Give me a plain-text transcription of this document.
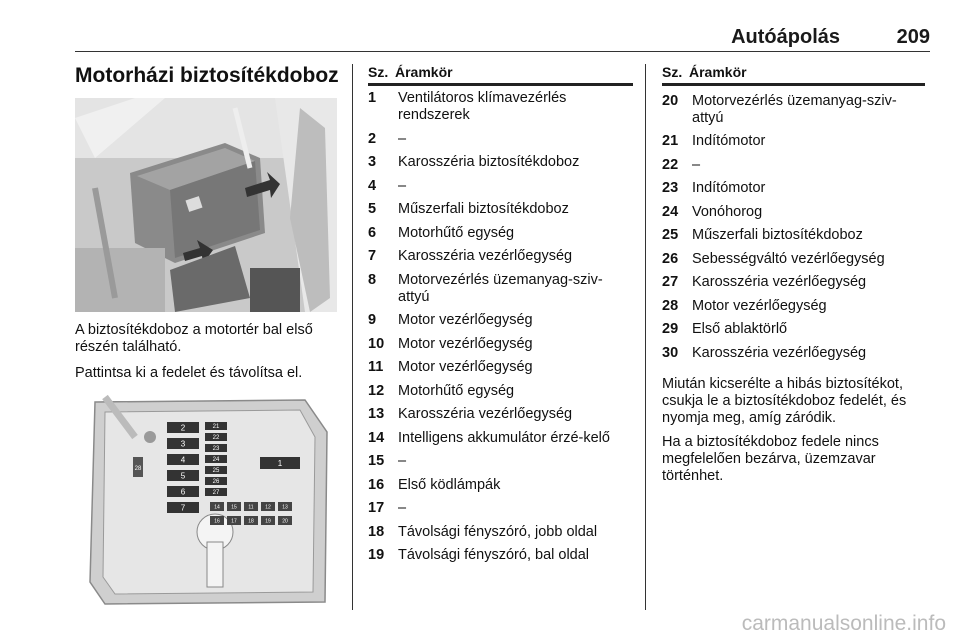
Autóápolás	209
Motorházi biztosítékdoboz
A biztosítékdoboz a motortér bal első részén található.
Pattintsa ki a fedelet és távolítsa el.
2
3
4
5
6
7
21
22
23
24
25
26
27
14 15 11 12 13
16 17 18 19 20
1
28
Sz. Áramkör
1	Ventilátoros klímavezérlés rendszerek
2	–
3	Karosszéria biztosítékdoboz
4	–
5	Műszerfali biztosítékdoboz
6	Motorhűtő egység
7	Karosszéria vezérlőegység
8	Motorvezérlés üzemanyag-sziv-attyú
9	Motor vezérlőegység
10 Motor vezérlőegység
11	Motor vezérlőegység
12 Motorhűtő egység
13 Karosszéria vezérlőegység
14 Intelligens akkumulátor érzé-kelő
15 –
16 Első ködlámpák
17 –
18 Távolsági fényszóró, jobb oldal
19 Távolsági fényszóró, bal oldal
Sz. Áramkör
20 Motorvezérlés üzemanyag-sziv-attyú
21 Indítómotor
22 –
23 Indítómotor
24 Vonóhorog
25 Műszerfali biztosítékdoboz
26 Sebességváltó vezérlőegység
27 Karosszéria vezérlőegység
28 Motor vezérlőegység
29 Első ablaktörlő
30 Karosszéria vezérlőegység
Miután kicserélte a hibás biztosítékot, csukja le a biztosítékdoboz fedelét, és nyomja meg, amíg záródik.
Ha a biztosítékdoboz fedele nincs megfelelően bezárva, üzemzavar történhet.
carmanualsonline.info
